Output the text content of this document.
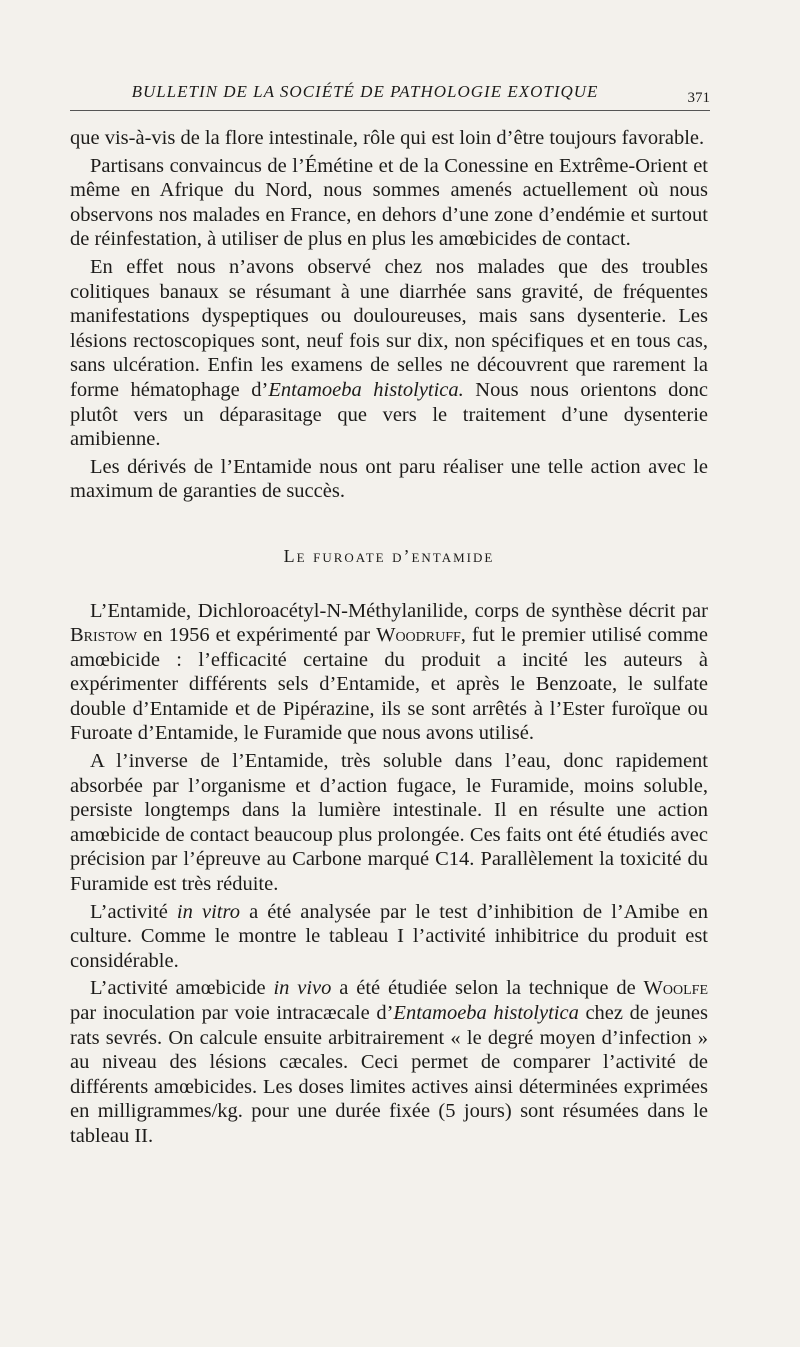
BULLETIN DE LA SOCIÉTÉ DE PATHOLOGIE EXOTIQUE	371

que vis-à-vis de la flore intestinale, rôle qui est loin d’être toujours favorable.

Partisans convaincus de l’Émétine et de la Conessine en Extrême-Orient et même en Afrique du Nord, nous sommes amenés actuellement où nous observons nos malades en France, en dehors d’une zone d’endémie et surtout de réinfestation, à utiliser de plus en plus les amœbicides de contact.

En effet nous n’avons observé chez nos malades que des troubles colitiques banaux se résumant à une diarrhée sans gravité, de fréquentes manifestations dyspeptiques ou douloureuses, mais sans dysenterie. Les lésions rectoscopiques sont, neuf fois sur dix, non spécifiques et en tous cas, sans ulcération. Enfin les examens de selles ne découvrent que rarement la forme hématophage d’Entamoeba histolytica. Nous nous orientons donc plutôt vers un déparasitage que vers le traitement d’une dysenterie amibienne.

Les dérivés de l’Entamide nous ont paru réaliser une telle action avec le maximum de garanties de succès.

Le furoate d’entamide

L’Entamide, Dichloroacétyl-N-Méthylanilide, corps de synthèse décrit par Bristow en 1956 et expérimenté par Woodruff, fut le premier utilisé comme amœbicide : l’efficacité certaine du produit a incité les auteurs à expérimenter différents sels d’Entamide, et après le Benzoate, le sulfate double d’Entamide et de Pipérazine, ils se sont arrêtés à l’Ester furoïque ou Furoate d’Entamide, le Furamide que nous avons utilisé.

A l’inverse de l’Entamide, très soluble dans l’eau, donc rapidement absorbée par l’organisme et d’action fugace, le Furamide, moins soluble, persiste longtemps dans la lumière intestinale. Il en résulte une action amœbicide de contact beaucoup plus prolongée. Ces faits ont été étudiés avec précision par l’épreuve au Carbone marqué C14. Parallèlement la toxicité du Furamide est très réduite.

L’activité in vitro a été analysée par le test d’inhibition de l’Amibe en culture. Comme le montre le tableau I l’activité inhibitrice du produit est considérable.

L’activité amœbicide in vivo a été étudiée selon la technique de Woolfe par inoculation par voie intracæcale d’Entamoeba histolytica chez de jeunes rats sevrés. On calcule ensuite arbitrairement « le degré moyen d’infection » au niveau des lésions cæcales. Ceci permet de comparer l’activité de différents amœbicides. Les doses limites actives ainsi déterminées exprimées en milligrammes/kg. pour une durée fixée (5 jours) sont résumées dans le tableau II.
